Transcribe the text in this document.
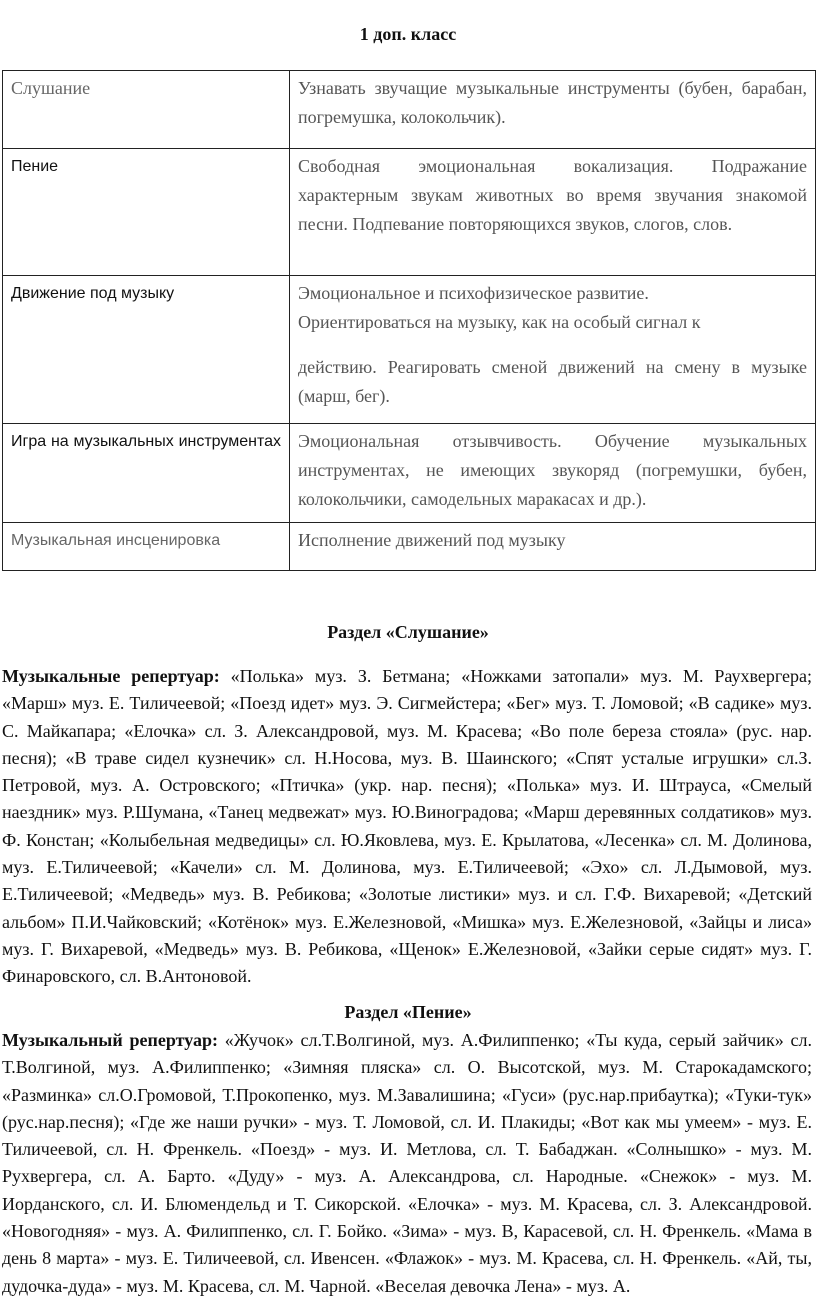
1 доп. класс
Слушание	Узнавать звучащие музыкальные инструменты (бубен, барабан, погремушка, колокольчик).
Пение	Свободная эмоциональная вокализация. Подражание характерным звукам животных во время звучания знакомой песни. Подпевание повторяющихся звуков, слогов, слов.
Движение под музыку	Эмоциональное и психофизическое развитие.
Ориентироваться на музыку, как на особый сигнал к
действию. Реагировать сменой движений на смену в музыке (марш, бег).

Игра на музыкальных инструментах	Эмоциональная отзывчивость. Обучение музыкальных инструментах, не имеющих звукоряд (погремушки, бубен, колокольчики, самодельных маракасах и др.).
Музыкальная инсценировка	Исполнение движений под музыку
Раздел «Слушание»
Музыкальные репертуар: «Полька» муз. З. Бетмана; «Ножками затопали» муз. М. Раухвергера; «Марш» муз. Е. Тиличеевой; «Поезд идет» муз. Э. Сигмейстера; «Бег» муз. Т. Ломовой; «В садике» муз. С. Майкапара; «Елочка» сл. З. Александровой, муз. М. Красева; «Во поле береза стояла» (рус. нар. песня); «В траве сидел кузнечик» сл. Н.Носова, муз. В. Шаинского; «Спят усталые игрушки» сл.З. Петровой, муз. А. Островского; «Птичка» (укр. нар. песня); «Полька» муз. И. Штрауса, «Смелый наездник» муз. Р.Шумана, «Танец медвежат» муз. Ю.Виноградова; «Марш деревянных солдатиков» муз. Ф. Констан; «Колыбельная медведицы» сл. Ю.Яковлева, муз. Е. Крылатова, «Лесенка» сл. М. Долинова, муз. Е.Тиличеевой; «Качели» сл. М. Долинова, муз. Е.Тиличеевой; «Эхо» сл. Л.Дымовой, муз. Е.Тиличеевой; «Медведь» муз. В. Ребикова; «Золотые листики» муз. и сл. Г.Ф. Вихаревой; «Детский альбом» П.И.Чайковский; «Котёнок» муз. Е.Железновой, «Мишка» муз. Е.Железновой, «Зайцы и лиса» муз. Г. Вихаревой, «Медведь» муз. В. Ребикова, «Щенок» Е.Железновой, «Зайки серые сидят» муз. Г. Финаровского, сл. В.Антоновой.
Раздел «Пение»
Музыкальный репертуар: «Жучок» сл.Т.Волгиной, муз. А.Филиппенко; «Ты куда, серый зайчик» сл. Т.Волгиной, муз. А.Филиппенко; «Зимняя пляска» сл. О. Высотской, муз. М. Старокадамского; «Разминка» сл.О.Громовой, Т.Прокопенко, муз. М.Завалишина; «Гуси» (рус.нар.прибаутка); «Туки-тук» (рус.нар.песня); «Где же наши ручки» - муз. Т. Ломовой, сл. И. Плакиды; «Вот как мы умеем» - муз. Е. Тиличеевой, сл. Н. Френкель. «Поезд» - муз. И. Метлова, сл. Т. Бабаджан. «Солнышко» - муз. М. Рухвергера, сл. А. Барто. «Дуду» - муз. А. Александрова, сл. Народные. «Снежок» - муз. М. Иорданского, сл. И. Блюмендельд и Т. Сикорской. «Елочка» - муз. М. Красева, сл. З. Александровой. «Новогодняя» - муз. А. Филиппенко, сл. Г. Бойко. «Зима» - муз. В, Карасевой, сл. Н. Френкель. «Мама в день 8 марта» - муз. Е. Тиличеевой, сл. Ивенсен. «Флажок» - муз. М. Красева, сл. Н. Френкель. «Ай, ты, дудочка-дуда» - муз. М. Красева, сл. М. Чарной. «Веселая девочка Лена» - муз. А.
